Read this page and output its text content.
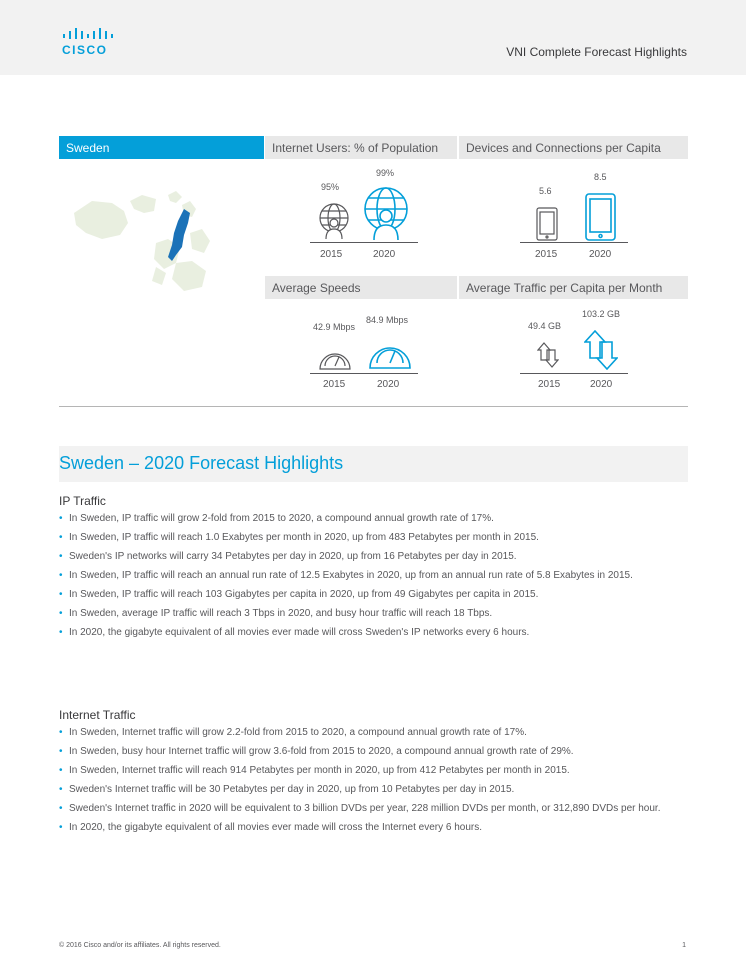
CISCO	VNI Complete Forecast Highlights
Sweden	Internet Users: % of Population
95%
99%
2015	2020
Devices and Connections per Capita
5.6
8.5
2015	2020
Average Speeds
42.9 Mbps
84.9 Mbps
2015	2020
Average Traffic per Capita per Month
49.4 GB
103.2 GB
2015	2020
Sweden – 2020 Forecast Highlights
IP Traffic
• In Sweden, IP traffic will grow 2-fold from 2015 to 2020, a compound annual growth rate of 17%.
• In Sweden, IP traffic will reach 1.0 Exabytes per month in 2020, up from 483 Petabytes per month in 2015.
• Sweden's IP networks will carry 34 Petabytes per day in 2020, up from 16 Petabytes per day in 2015.
• In Sweden, IP traffic will reach an annual run rate of 12.5 Exabytes in 2020, up from an annual run rate of 5.8 Exabytes in 2015.
• In Sweden, IP traffic will reach 103 Gigabytes per capita in 2020, up from 49 Gigabytes per capita in 2015.
• In Sweden, average IP traffic will reach 3 Tbps in 2020, and busy hour traffic will reach 18 Tbps.
• In 2020, the gigabyte equivalent of all movies ever made will cross Sweden's IP networks every 6 hours.
Internet Traffic
• In Sweden, Internet traffic will grow 2.2-fold from 2015 to 2020, a compound annual growth rate of 17%.
• In Sweden, busy hour Internet traffic will grow 3.6-fold from 2015 to 2020, a compound annual growth rate of 29%.
• In Sweden, Internet traffic will reach 914 Petabytes per month in 2020, up from 412 Petabytes per month in 2015.
• Sweden's Internet traffic will be 30 Petabytes per day in 2020, up from 10 Petabytes per day in 2015.
• Sweden's Internet traffic in 2020 will be equivalent to 3 billion DVDs per year, 228 million DVDs per month, or 312,890 DVDs per hour.
• In 2020, the gigabyte equivalent of all movies ever made will cross the Internet every 6 hours.
© 2016 Cisco and/or its affiliates. All rights reserved.	1
